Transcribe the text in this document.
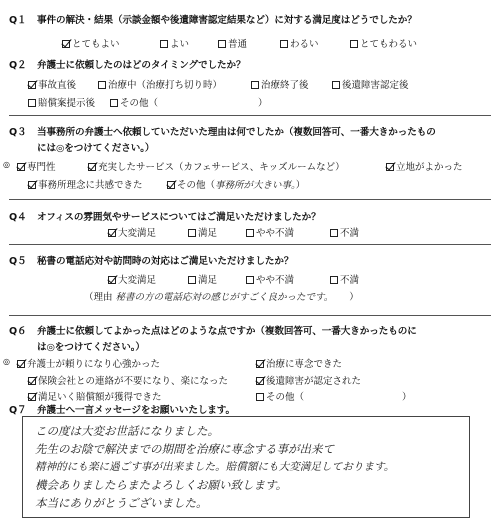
Q１ 事件の解決・結果（示談金額や後遺障害認定結果など）に対する満足度はどうでしたか？
とてもよい	よい	普通	わるい	とてもわるい
Q２ 弁護士に依頼したのはどのタイミングでしたか？
事故直後	治療中（治療打ち切り時）	治療終了後	後遺障害認定後
賠償案提示後	その他（	）
Q３ 当事務所の弁護士へ依頼していただいた理由は何でしたか（複数回答可、一番大きかったもの
には◎をつけてください。）
◎	専門性	充実したサービス（カフェサービス、キッズルームなど）	立地がよかった
事務所理念に共感できた	その他（事務所が大きい事。）
Q４ オフィスの雰囲気やサービスについてはご満足いただけましたか？
大変満足	満足	やや不満	不満
Q５ 秘書の電話応対や訪問時の対応はご満足いただけましたか？
大変満足	満足	やや不満	不満
（理由 秘書の方の電話応対の感じがすごく良かったです。 ）
Q６ 弁護士に依頼してよかった点はどのような点ですか（複数回答可、一番大きかったものに
は◎をつけてください。）
◎	弁護士が頼りになり心強かった	治療に専念できた
保険会社との連絡が不要になり、楽になった	後遺障害が認定された
満足いく賠償額が獲得できた	その他（	）
Q７ 弁護士へ一言メッセージをお願いいたします。
この度は大変お世話になりました。
先生のお陰で解決までの期間を治療に専念する事が出来て
精神的にも楽に過ごす事が出来ました。賠償額にも大変満足しております。
機会ありましたらまたよろしくお願い致します。
本当にありがとうございました。
